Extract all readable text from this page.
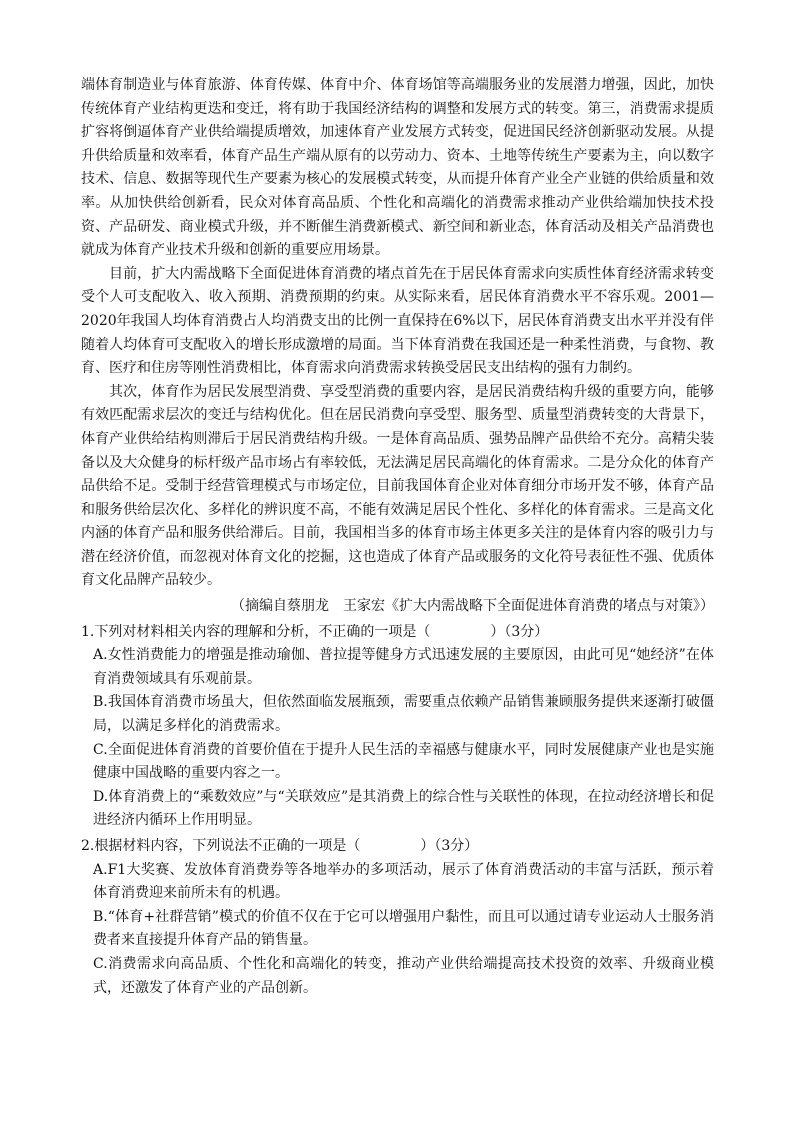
端体育制造业与体育旅游、体育传媒、体育中介、体育场馆等高端服务业的发展潜力增强，因此，加快传统体育产业结构更迭和变迁，将有助于我国经济结构的调整和发展方式的转变。第三，消费需求提质扩容将倒逼体育产业供给端提质增效，加速体育产业发展方式转变，促进国民经济创新驱动发展。从提升供给质量和效率看，体育产品生产端从原有的以劳动力、资本、土地等传统生产要素为主，向以数字技术、信息、数据等现代生产要素为核心的发展模式转变，从而提升体育产业全产业链的供给质量和效率。从加快供给创新看，民众对体育高品质、个性化和高端化的消费需求推动产业供给端加快技术投资、产品研发、商业模式升级，并不断催生消费新模式、新空间和新业态，体育活动及相关产品消费也就成为体育产业技术升级和创新的重要应用场景。

目前，扩大内需战略下全面促进体育消费的堵点首先在于居民体育需求向实质性体育经济需求转变受个人可支配收入、收入预期、消费预期的约束。从实际来看，居民体育消费水平不容乐观。2001—2020年我国人均体育消费占人均消费支出的比例一直保持在6%以下，居民体育消费支出水平并没有伴随着人均体育可支配收入的增长形成激增的局面。当下体育消费在我国还是一种柔性消费，与食物、教育、医疗和住房等刚性消费相比，体育需求向消费需求转换受居民支出结构的强有力制约。

其次，体育作为居民发展型消费、享受型消费的重要内容，是居民消费结构升级的重要方向，能够有效匹配需求层次的变迁与结构优化。但在居民消费向享受型、服务型、质量型消费转变的大背景下，体育产业供给结构则滞后于居民消费结构升级。一是体育高品质、强势品牌产品供给不充分。高精尖装备以及大众健身的标杆级产品市场占有率较低，无法满足居民高端化的体育需求。二是分众化的体育产品供给不足。受制于经营管理模式与市场定位，目前我国体育企业对体育细分市场开发不够，体育产品和服务供给层次化、多样化的辨识度不高，不能有效满足居民个性化、多样化的体育需求。三是高文化内涵的体育产品和服务供给滞后。目前，我国相当多的体育市场主体更多关注的是体育内容的吸引力与潜在经济价值，而忽视对体育文化的挖掘，这也造成了体育产品或服务的文化符号表征性不强、优质体育文化品牌产品较少。

（摘编自蔡朋龙　王家宏《扩大内需战略下全面促进体育消费的堵点与对策》）

1.下列对材料相关内容的理解和分析，不正确的一项是（	）（3分）

A.女性消费能力的增强是推动瑜伽、普拉提等健身方式迅速发展的主要原因，由此可见“她经济”在体育消费领域具有乐观前景。

B.我国体育消费市场虽大，但依然面临发展瓶颈，需要重点依赖产品销售兼顾服务提供来逐渐打破僵局，以满足多样化的消费需求。

C.全面促进体育消费的首要价值在于提升人民生活的幸福感与健康水平，同时发展健康产业也是实施健康中国战略的重要内容之一。

D.体育消费上的“乘数效应”与“关联效应”是其消费上的综合性与关联性的体现，在拉动经济增长和促进经济内循环上作用明显。

2.根据材料内容，下列说法不正确的一项是（	）（3分）

A.F1大奖赛、发放体育消费券等各地举办的多项活动，展示了体育消费活动的丰富与活跃，预示着体育消费迎来前所未有的机遇。

B.“体育+社群营销”模式的价值不仅在于它可以增强用户黏性，而且可以通过请专业运动人士服务消费者来直接提升体育产品的销售量。

C.消费需求向高品质、个性化和高端化的转变，推动产业供给端提高技术投资的效率、升级商业模式，还激发了体育产业的产品创新。
